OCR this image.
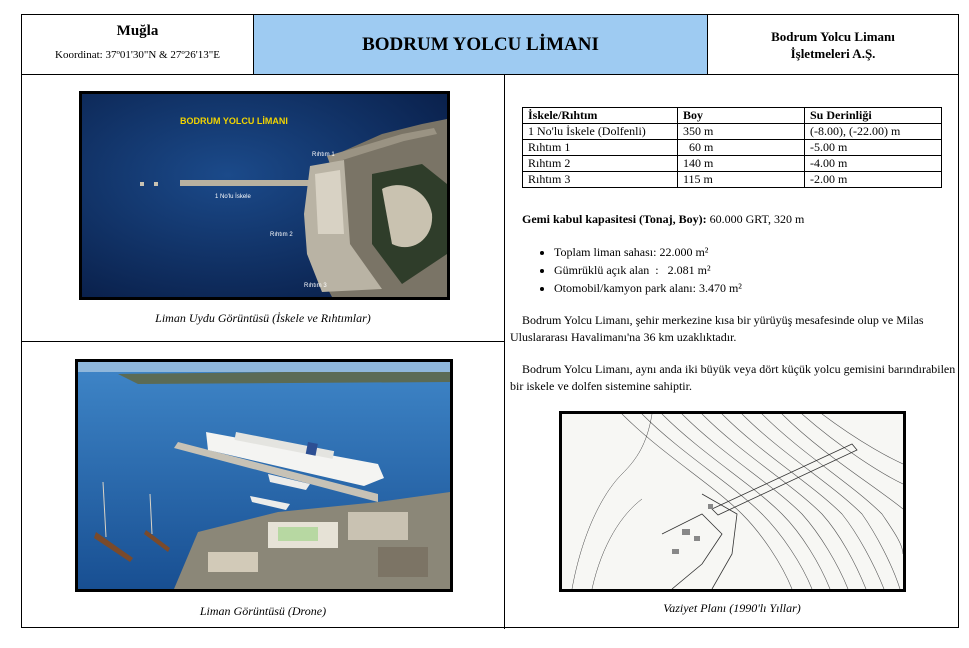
Muğla
Koordinat: 37º01'30"N & 27º26'13"E
BODRUM YOLCU LİMANI	Bodrum Yolcu Limanı
İşletmeleri A.Ş.
BODRUM YOLCU LİMANI
Rıhtım 1
1 No'lu İskele
Rıhtım 2
Rıhtım 3
Liman Uydu Görüntüsü (İskele ve Rıhtımlar)
Liman Görüntüsü (Drone)
İskele/Rıhtım	Boy	Su Derinliği
1 No'lu İskele (Dolfenli)	350 m	(-8.00), (-22.00) m
Rıhtım 1	60 m	-5.00 m
Rıhtım 2	140 m	-4.00 m
Rıhtım 3	115 m	-2.00 m
Gemi kabul kapasitesi (Tonaj, Boy): 60.000 GRT, 320 m
• Toplam liman sahası: 22.000 m²
• Gümrüklü açık alan  :   2.081 m²
• Otomobil/kamyon park alanı: 3.470 m²
Bodrum Yolcu Limanı, şehir merkezine kısa bir yürüyüş mesafesinde olup ve Milas Uluslararası Havalimanı'na 36 km uzaklıktadır.
Bodrum Yolcu Limanı, aynı anda iki büyük veya dört küçük yolcu gemisini barındırabilen bir iskele ve dolfen sistemine sahiptir.
Vaziyet Planı (1990'lı Yıllar)
